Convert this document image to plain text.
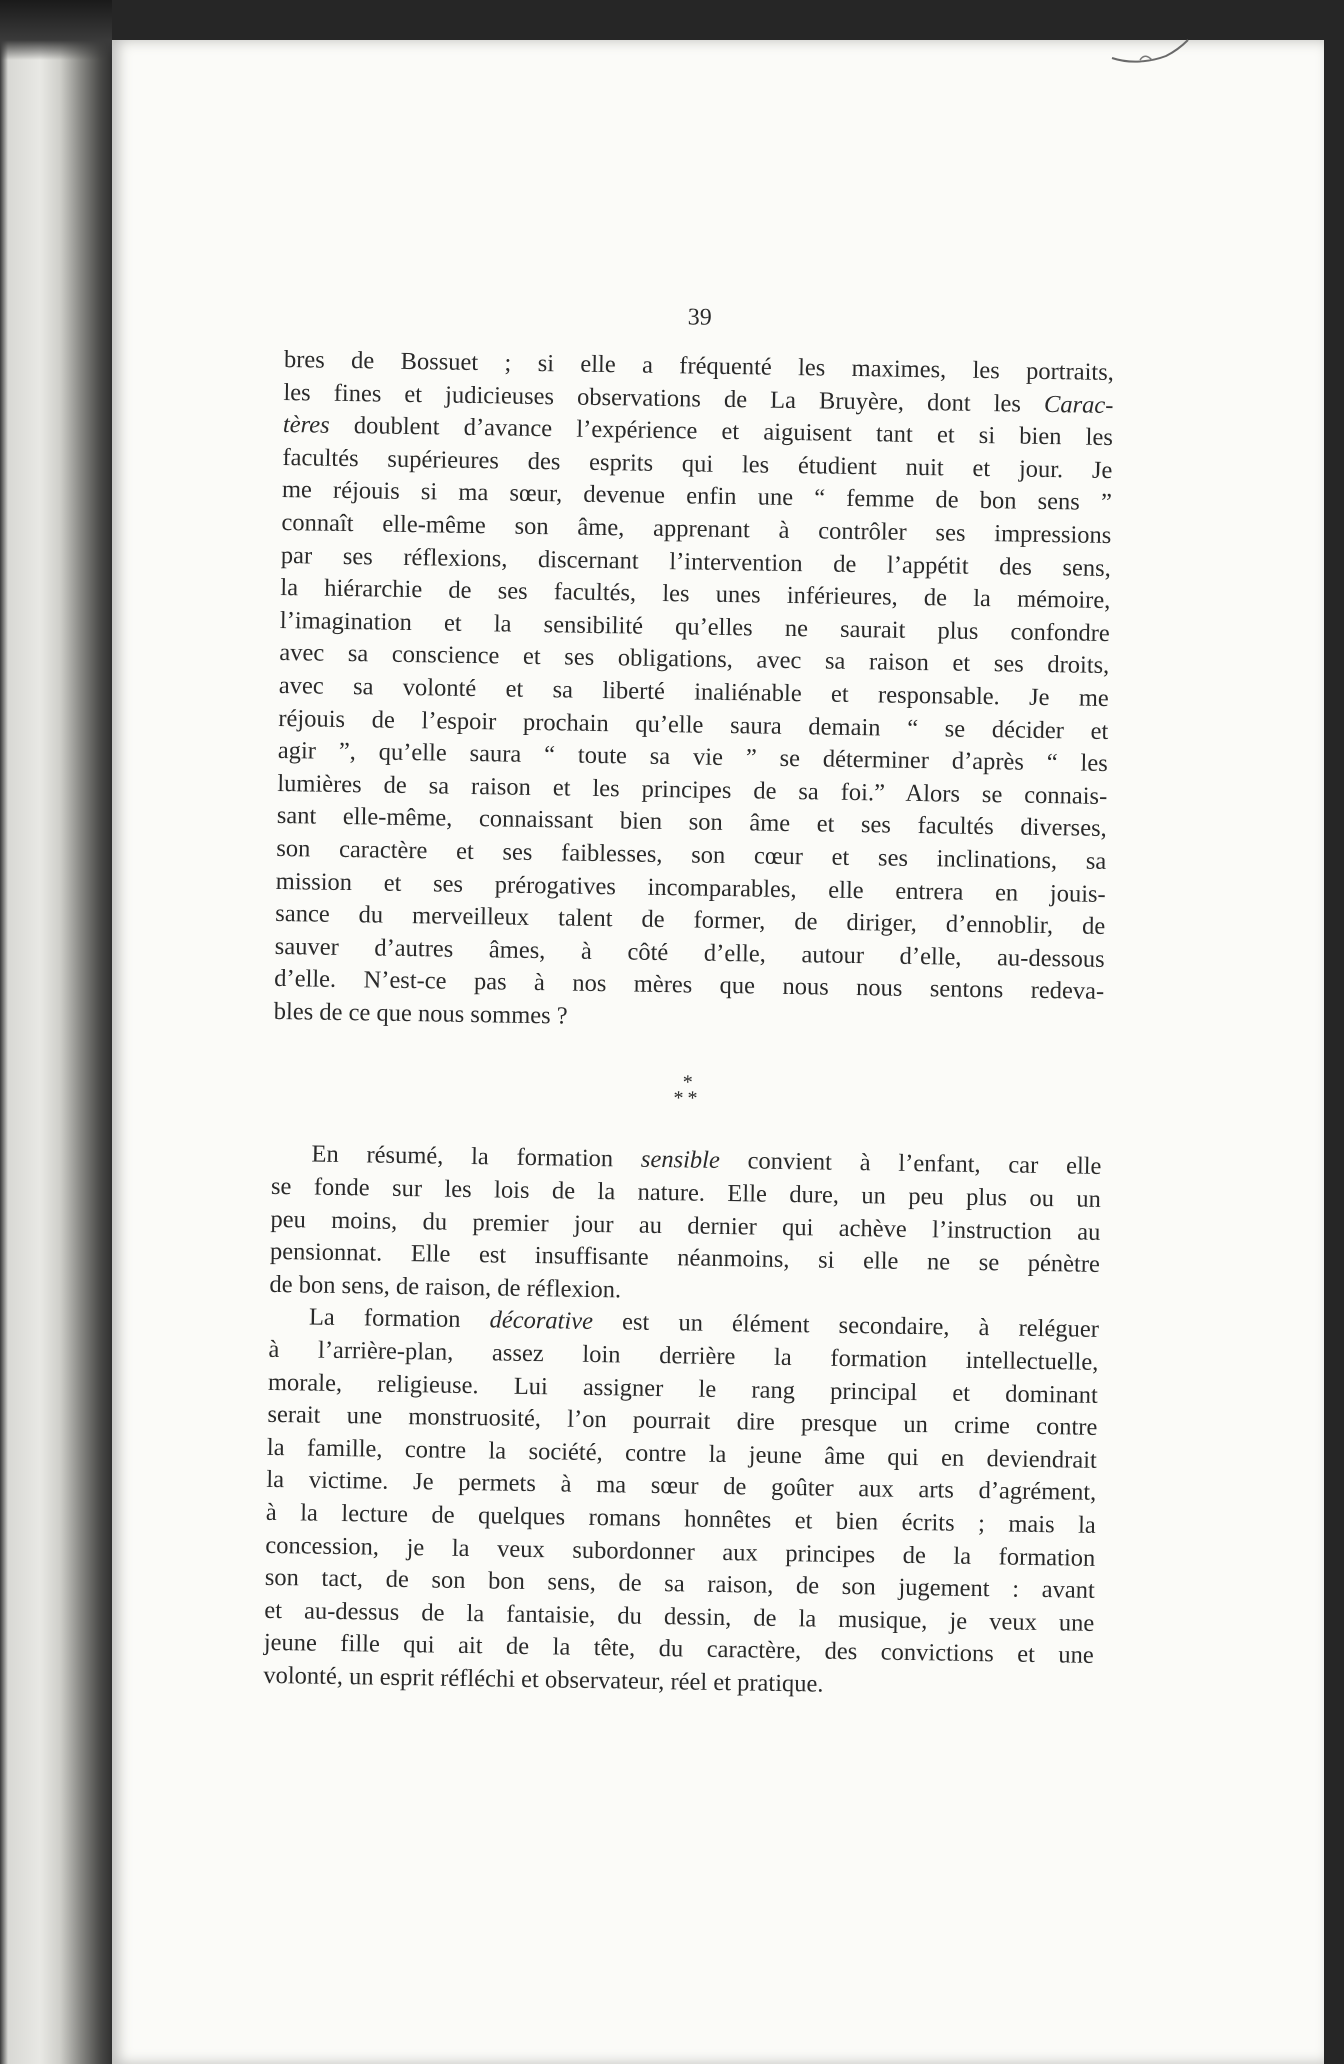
39
bres de Bossuet ; si elle a fréquenté les maximes, les portraits,
les fines et judicieuses observations de La Bruyère, dont les Carac-
tères doublent d’avance l’expérience et aiguisent tant et si bien les
facultés supérieures des esprits qui les étudient nuit et jour. Je
me réjouis si ma sœur, devenue enfin une “ femme de bon sens ”
connaît elle-même son âme, apprenant à contrôler ses impressions
par ses réflexions, discernant l’intervention de l’appétit des sens,
la hiérarchie de ses facultés, les unes inférieures, de la mémoire,
l’imagination et la sensibilité qu’elles ne saurait plus confondre
avec sa conscience et ses obligations, avec sa raison et ses droits,
avec sa volonté et sa liberté inaliénable et responsable. Je me
réjouis de l’espoir prochain qu’elle saura demain “ se décider et
agir ”, qu’elle saura “ toute sa vie ” se déterminer d’après “ les
lumières de sa raison et les principes de sa foi.” Alors se connais-
sant elle-même, connaissant bien son âme et ses facultés diverses,
son caractère et ses faiblesses, son cœur et ses inclinations, sa
mission et ses prérogatives incomparables, elle entrera en jouis-
sance du merveilleux talent de former, de diriger, d’ennoblir, de
sauver d’autres âmes, à côté d’elle, autour d’elle, au-dessous
d’elle. N’est-ce pas à nos mères que nous nous sentons redeva-
bles de ce que nous sommes ?
*
**
En résumé, la formation sensible convient à l’enfant, car elle
se fonde sur les lois de la nature. Elle dure, un peu plus ou un
peu moins, du premier jour au dernier qui achève l’instruction au
pensionnat. Elle est insuffisante néanmoins, si elle ne se pénètre
de bon sens, de raison, de réflexion.
La formation décorative est un élément secondaire, à reléguer
à l’arrière-plan, assez loin derrière la formation intellectuelle,
morale, religieuse. Lui assigner le rang principal et dominant
serait une monstruosité, l’on pourrait dire presque un crime contre
la famille, contre la société, contre la jeune âme qui en deviendrait
la victime. Je permets à ma sœur de goûter aux arts d’agrément,
à la lecture de quelques romans honnêtes et bien écrits ; mais la
concession, je la veux subordonner aux principes de la formation
son tact, de son bon sens, de sa raison, de son jugement : avant
et au-dessus de la fantaisie, du dessin, de la musique, je veux une
jeune fille qui ait de la tête, du caractère, des convictions et une
volonté, un esprit réfléchi et observateur, réel et pratique.
